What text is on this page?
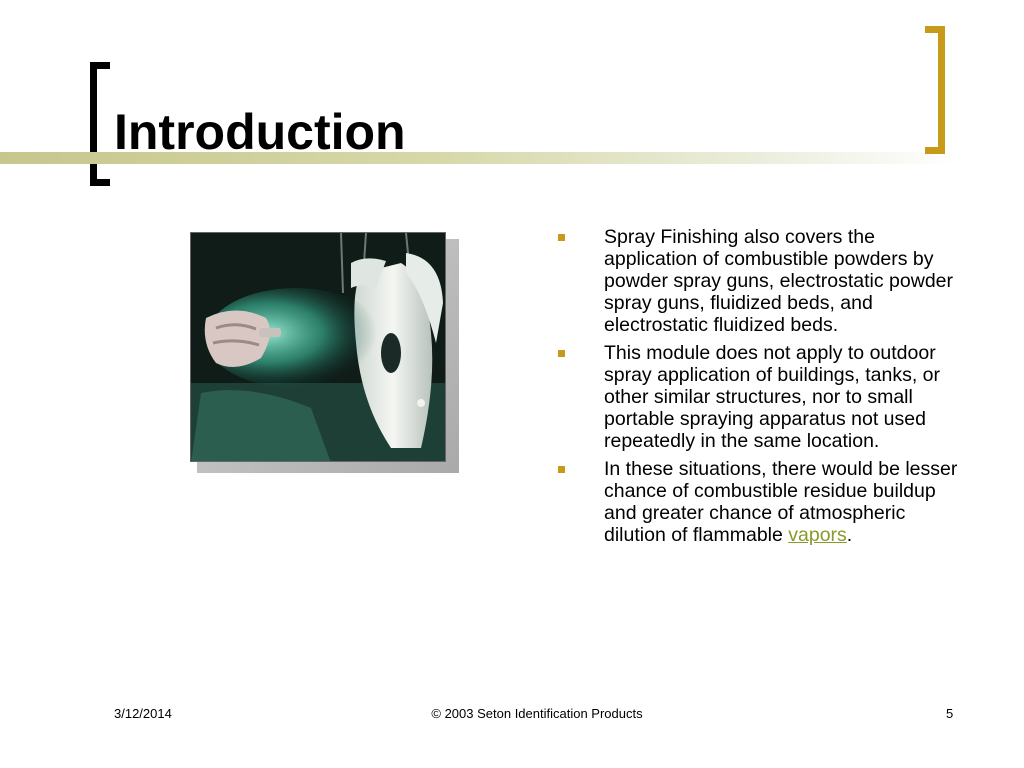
Introduction
Spray Finishing also covers the application of combustible powders by powder spray guns, electrostatic powder spray guns, fluidized beds, and electrostatic fluidized beds.
This module does not apply to outdoor spray application of buildings, tanks, or other similar structures, nor to small portable spraying apparatus not used repeatedly in the same location.
In these situations, there would be lesser chance of combustible residue buildup and greater chance of atmospheric dilution of flammable vapors.
3/12/2014	© 2003 Seton Identification Products	5
